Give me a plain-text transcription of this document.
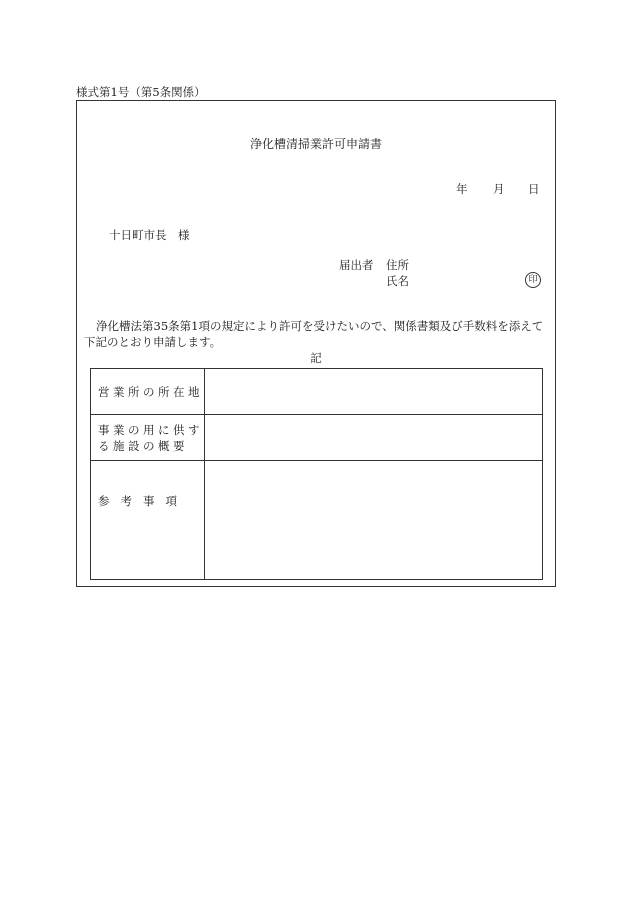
様式第1号（第5条関係）
浄化槽清掃業許可申請書
年 月 日
十日町市長　様
届出者 住所
氏名	印
浄化槽法第35条第1項の規定により許可を受けたいので、関係書類及び手数料を添えて下記のとおり申請します。
記
営業所の所在地	
事業の用に供する施設の概要	
参考事項	
